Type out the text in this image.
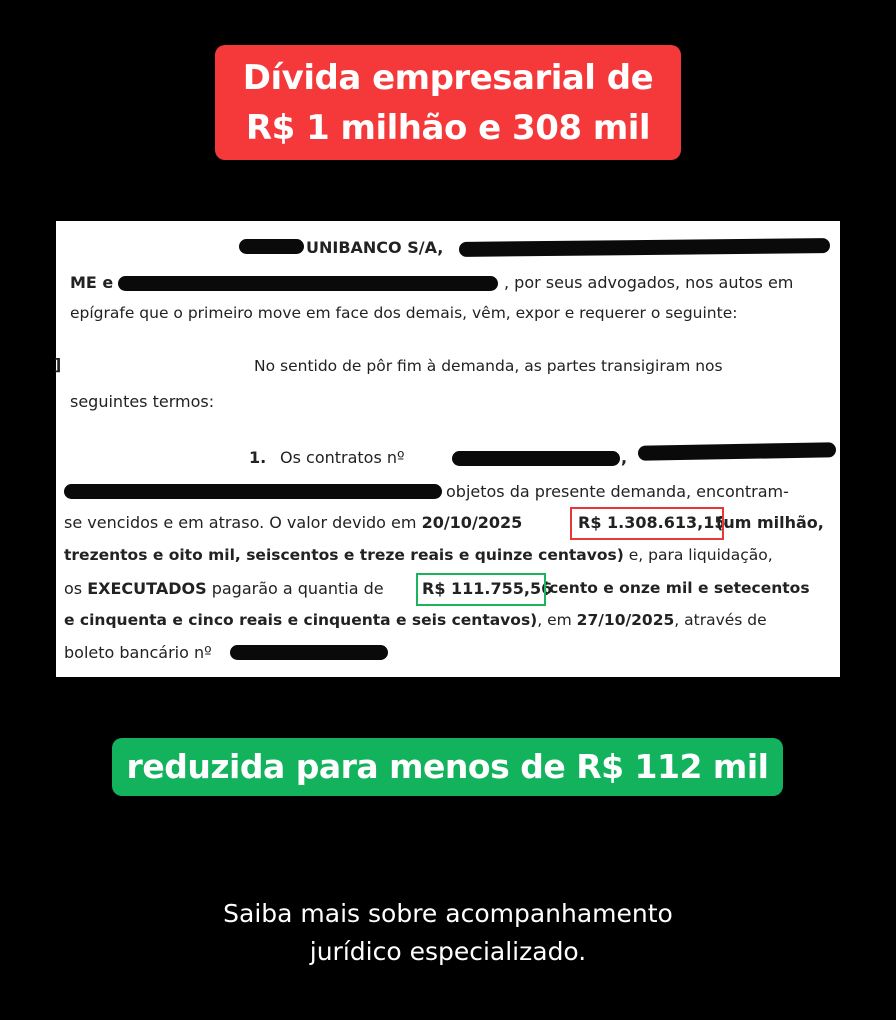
Dívida empresarial de
R$ 1 milhão e 308 mil
UNIBANCO S/A,
ME e	, por seus advogados, nos autos em
epígrafe que o primeiro move em face dos demais, vêm, expor e requerer o seguinte:
]	No sentido de pôr fim à demanda, as partes transigiram nos
seguintes termos:
1. Os contratos nº	,
objetos da presente demanda, encontram-
se vencidos e em atraso. O valor devido em 20/10/2025	R$ 1.308.613,15
(um milhão,
trezentos e oito mil, seiscentos e treze reais e quinze centavos) e, para liquidação,
os EXECUTADOS pagarão a quantia de R$ 111.755,56
(cento e onze mil e setecentos
e cinquenta e cinco reais e cinquenta e seis centavos), em 27/10/2025, através de
boleto bancário nº
reduzida para menos de R$ 112 mil
Saiba mais sobre acompanhamento
jurídico especializado.
